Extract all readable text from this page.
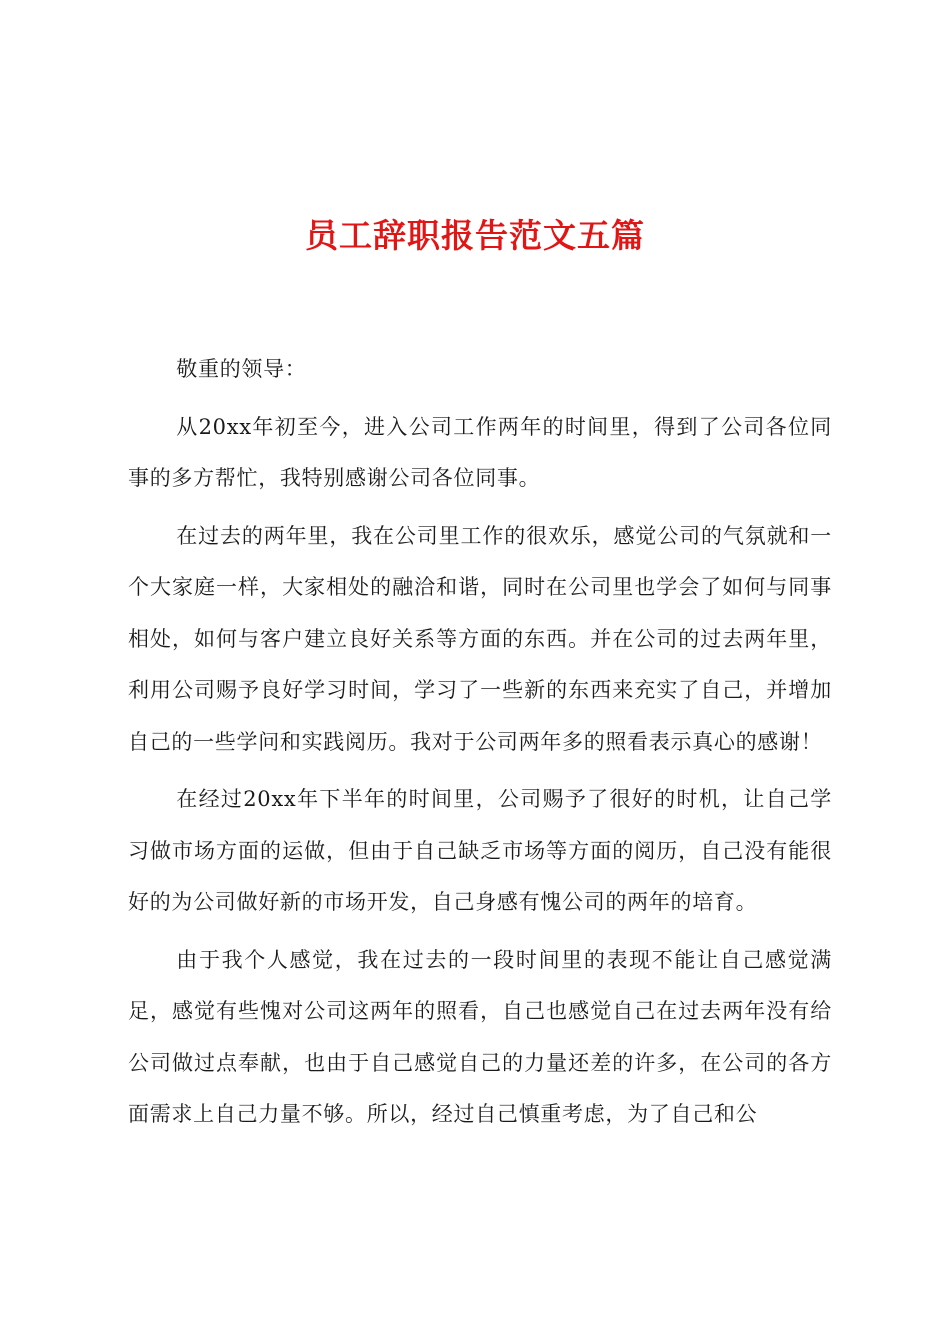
员工辞职报告范文五篇

敬重的领导：

从20xx年初至今，进入公司工作两年的时间里，得到了公司各位同事的多方帮忙，我特别感谢公司各位同事。

在过去的两年里，我在公司里工作的很欢乐，感觉公司的气氛就和一个大家庭一样，大家相处的融洽和谐，同时在公司里也学会了如何与同事相处，如何与客户建立良好关系等方面的东西。并在公司的过去两年里，利用公司赐予良好学习时间，学习了一些新的东西来充实了自己，并增加自己的一些学问和实践阅历。我对于公司两年多的照看表示真心的感谢！

在经过20xx年下半年的时间里，公司赐予了很好的时机，让自己学习做市场方面的运做，但由于自己缺乏市场等方面的阅历，自己没有能很好的为公司做好新的市场开发，自己身感有愧公司的两年的培育。

由于我个人感觉，我在过去的一段时间里的表现不能让自己感觉满足，感觉有些愧对公司这两年的照看，自己也感觉自己在过去两年没有给公司做过点奉献，也由于自己感觉自己的力量还差的许多，在公司的各方面需求上自己力量不够。所以，经过自己慎重考虑，为了自己和公
